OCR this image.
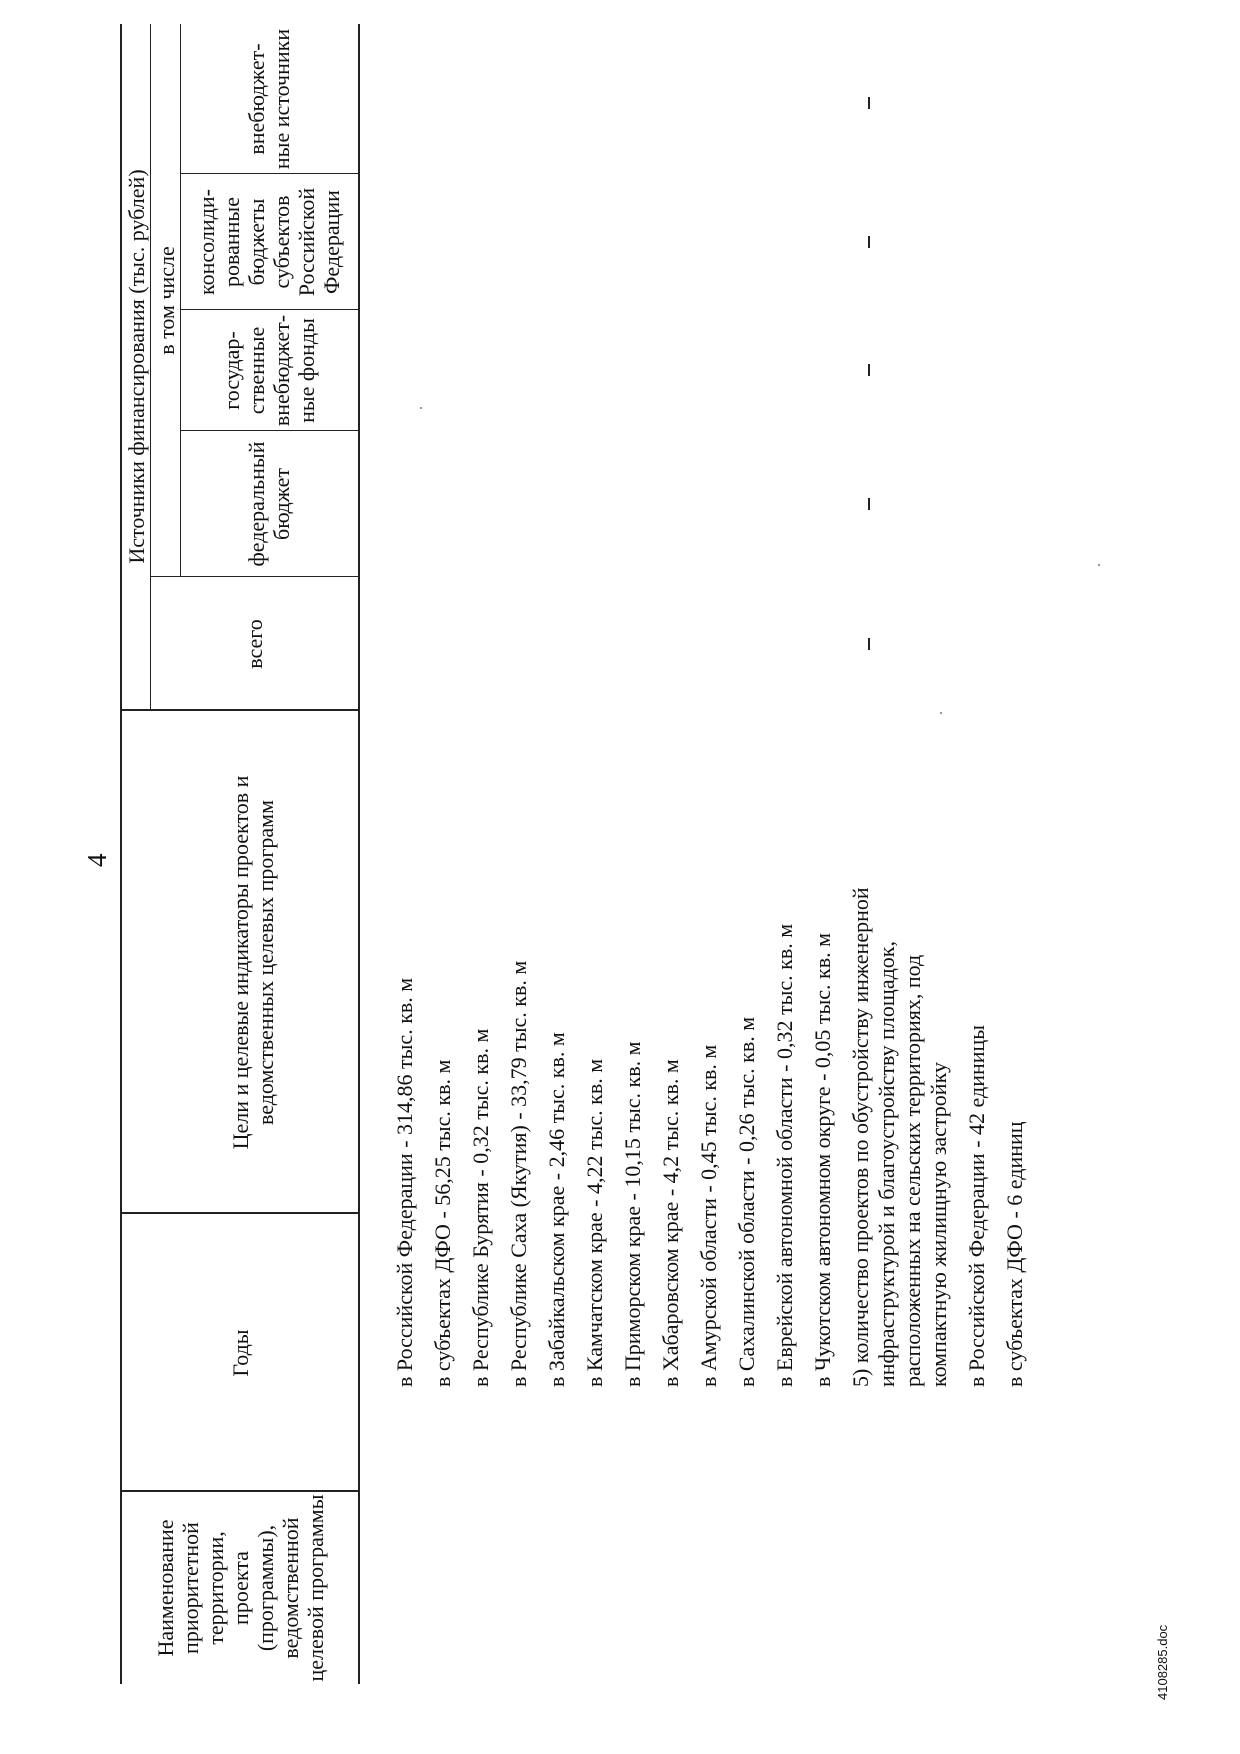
4
Наименование приоритетной территории, проекта (программы), ведомственной целевой программы
Годы
Цели и целевые индикаторы проектов и ведомственных целевых программ
Источники финансирования (тыс. рублей)
всего
в том числе
федеральный бюджет
государ-ственные внебюджет-ные фонды
консолиди-рованные бюджеты субъектов Российской Федерации
внебюджет-ные источники
в Российской Федерации - 314,86 тыс. кв. м в субъектах ДФО - 56,25 тыс. кв. м в Республике Бурятия - 0,32 тыс. кв. м в Республике Саха (Якутия) - 33,79 тыс. кв. м в Забайкальском крае - 2,46 тыс. кв. м в Камчатском крае - 4,22 тыс. кв. м в Приморском крае - 10,15 тыс. кв. м в Хабаровском крае - 4,2 тыс. кв. м в Амурской области - 0,45 тыс. кв. м в Сахалинской области - 0,26 тыс. кв. м в Еврейской автономной области - 0,32 тыс. кв. м в Чукотском автономном округе - 0,05 тыс. кв. м 5) количество проектов по обустройству инженерной инфраструктурой и благоустройству площадок, расположенных на сельских территориях, под компактную жилищную застройку в Российской Федерации - 42 единицы в субъектах ДФО - 6 единиц
4108285.doc
